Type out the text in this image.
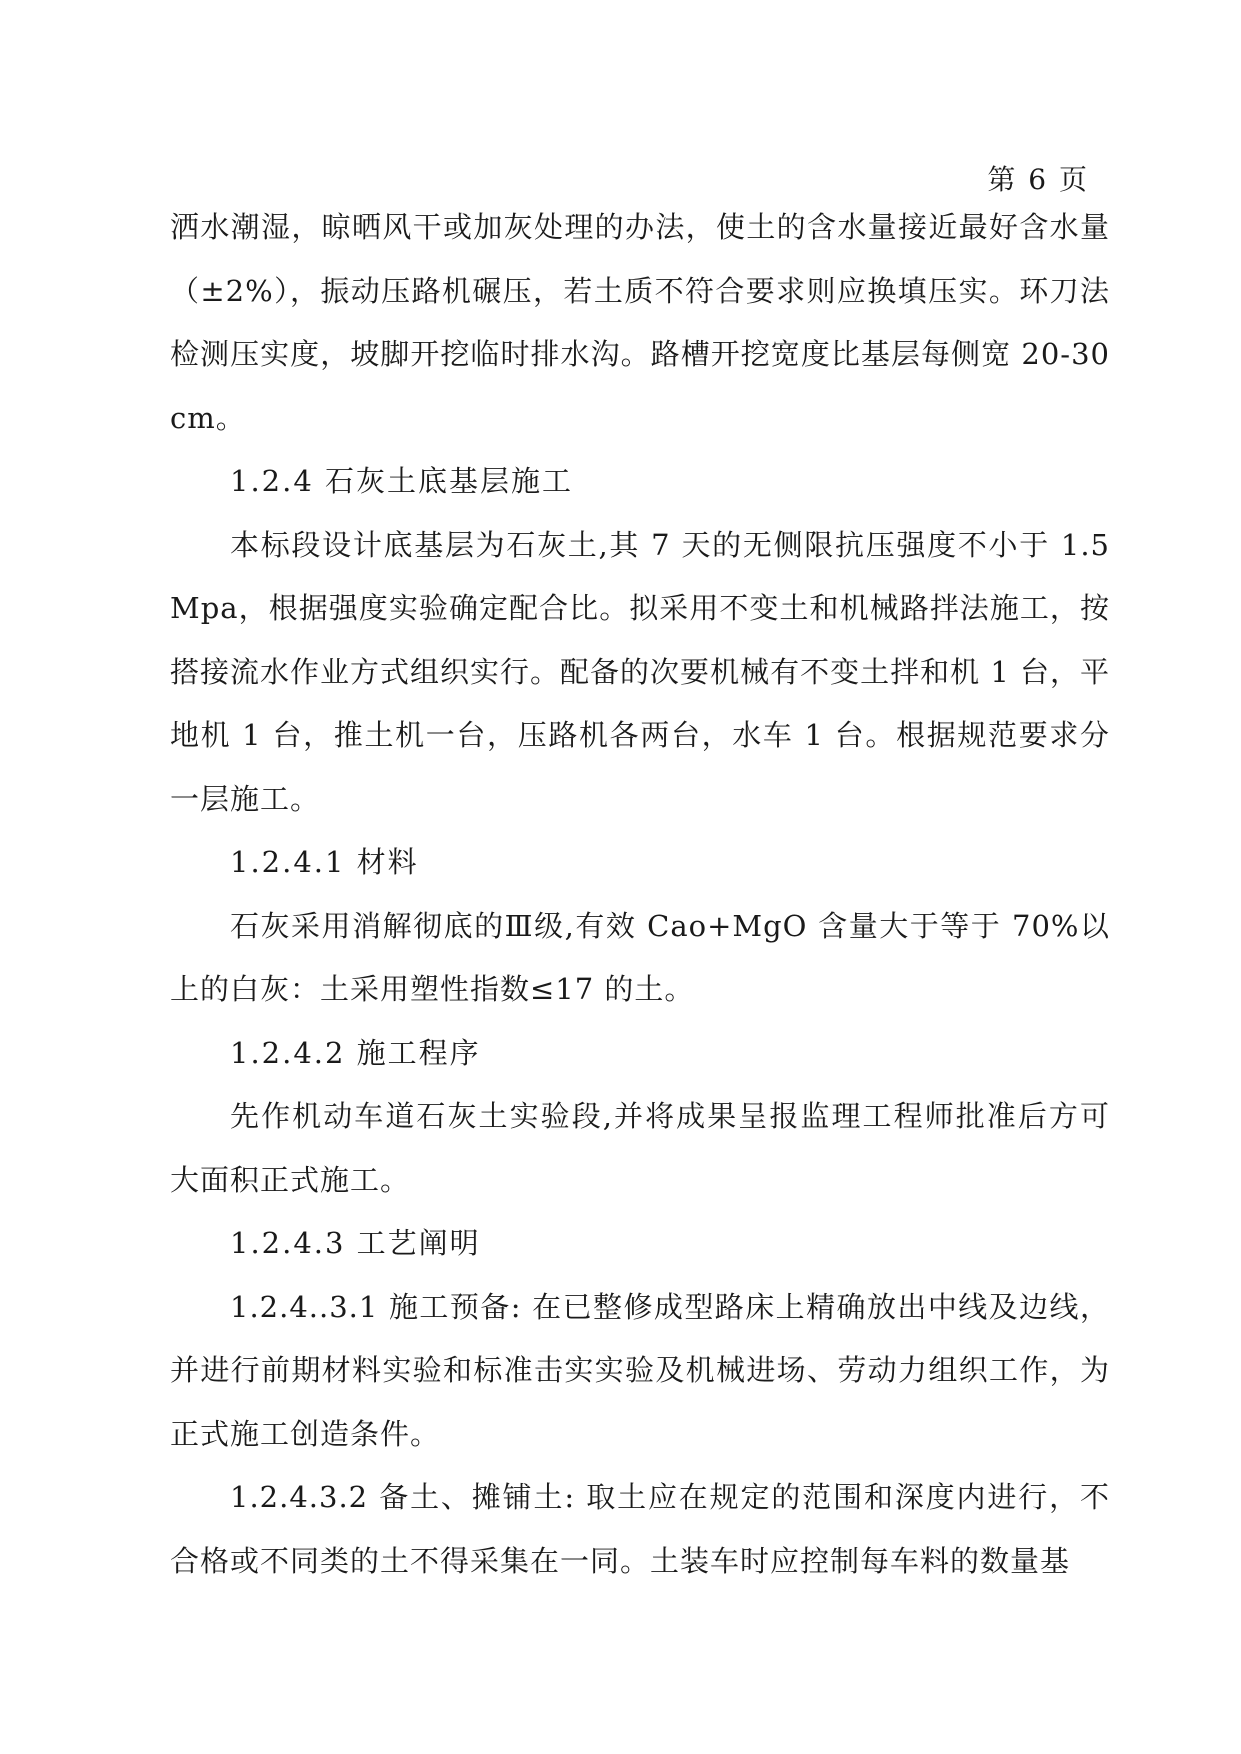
第 6 页

洒水潮湿，晾晒风干或加灰处理的办法，使土的含水量接近最好含水量（±2%），振动压路机碾压，若土质不符合要求则应换填压实。环刀法检测压实度，坡脚开挖临时排水沟。路槽开挖宽度比基层每侧宽 20-30cm。

1.2.4 石灰土底基层施工

本标段设计底基层为石灰土,其 7 天的无侧限抗压强度不小于 1.5Mpa，根据强度实验确定配合比。拟采用不变土和机械路拌法施工，按搭接流水作业方式组织实行。配备的次要机械有不变土拌和机 1 台，平地机 1 台，推土机一台，压路机各两台，水车 1 台。根据规范要求分一层施工。

1.2.4.1 材料

石灰采用消解彻底的Ⅲ级,有效 Cao+MgO 含量大于等于 70%以上的白灰：土采用塑性指数≤17 的土。

1.2.4.2 施工程序

先作机动车道石灰土实验段,并将成果呈报监理工程师批准后方可大面积正式施工。

1.2.4.3 工艺阐明

1.2.4..3.1 施工预备: 在已整修成型路床上精确放出中线及边线，并进行前期材料实验和标准击实实验及机械进场、劳动力组织工作，为正式施工创造条件。

1.2.4.3.2 备土、摊铺土: 取土应在规定的范围和深度内进行，不合格或不同类的土不得采集在一同。土装车时应控制每车料的数量基
